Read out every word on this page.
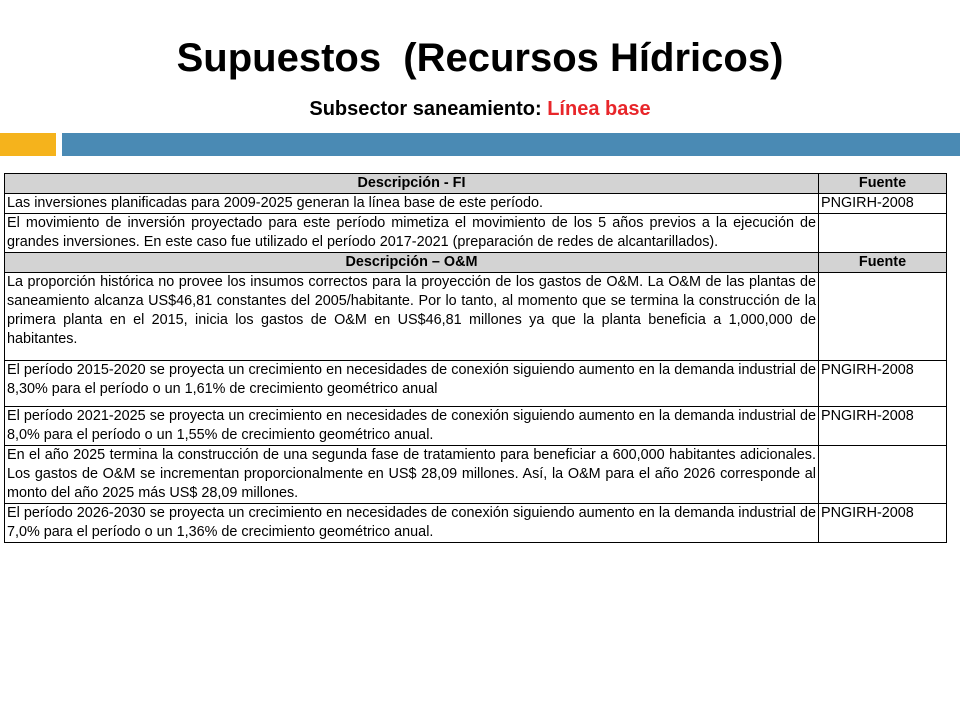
Supuestos  (Recursos Hídricos)
Subsector saneamiento: Línea base
Descripción - FI	Fuente
Las inversiones planificadas para 2009-2025 generan la línea base de este período.	PNGIRH-2008
El movimiento de inversión proyectado para este período mimetiza el movimiento de los 5 años previos a la ejecución de grandes inversiones. En este caso fue utilizado el período 2017-2021 (preparación de redes de alcantarillados).	
Descripción – O&M	Fuente
La proporción histórica no provee los insumos correctos para la proyección de los gastos de O&M. La O&M de las plantas de saneamiento alcanza US$46,81 constantes del 2005/habitante. Por lo tanto, al momento que se termina la construcción de la primera planta en el 2015, inicia los gastos de O&M en US$46,81 millones ya que la planta beneficia a 1,000,000 de habitantes.	
El período 2015-2020 se proyecta un crecimiento en necesidades de conexión siguiendo aumento en la demanda industrial de 8,30% para el período o un 1,61% de crecimiento geométrico anual	PNGIRH-2008
El período 2021-2025 se proyecta un crecimiento en necesidades de conexión siguiendo aumento en la demanda industrial de 8,0% para el período o un 1,55% de crecimiento geométrico anual.	PNGIRH-2008
En el año 2025 termina la construcción de una segunda fase de tratamiento para beneficiar a 600,000 habitantes adicionales. Los gastos de O&M se incrementan proporcionalmente en US$ 28,09 millones. Así, la O&M para el año 2026 corresponde al monto del año 2025 más US$ 28,09 millones.	
El período 2026-2030 se proyecta un crecimiento en necesidades de conexión siguiendo aumento en la demanda industrial de 7,0% para el período o un 1,36% de crecimiento geométrico anual.	PNGIRH-2008
